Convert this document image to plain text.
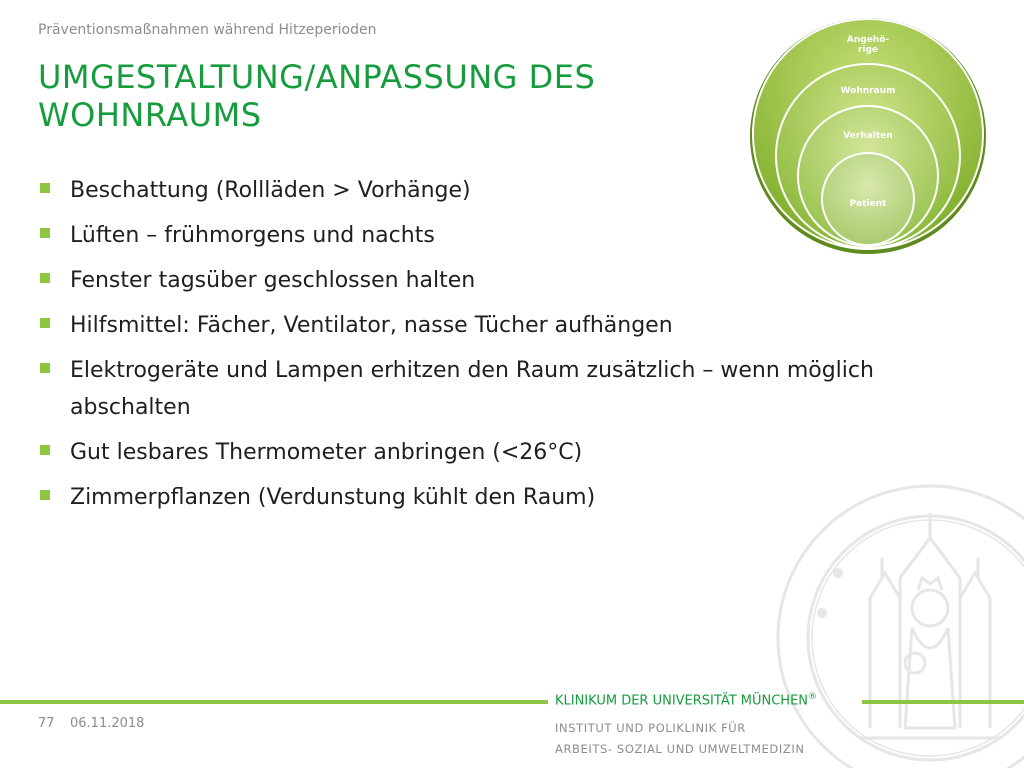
Präventionsmaßnahmen während Hitzeperioden
UMGESTALTUNG/ANPASSUNG DES
WOHNRAUMS
Beschattung (Rollläden > Vorhänge)
Lüften – frühmorgens und nachts
Fenster tagsüber geschlossen halten
Hilfsmittel: Fächer, Ventilator, nasse Tücher aufhängen
Elektrogeräte und Lampen erhitzen den Raum zusätzlich – wenn möglich abschalten
Gut lesbares Thermometer anbringen (<26°C)
Zimmerpflanzen (Verdunstung kühlt den Raum)
Angehö-
rige
Wohnraum
Verhalten
Patient
KLINIKUM DER UNIVERSITÄT MÜNCHEN®
77 06.11.2018	INSTITUT UND POLIKLINIK FÜR
ARBEITS- SOZIAL UND UMWELTMEDIZIN
